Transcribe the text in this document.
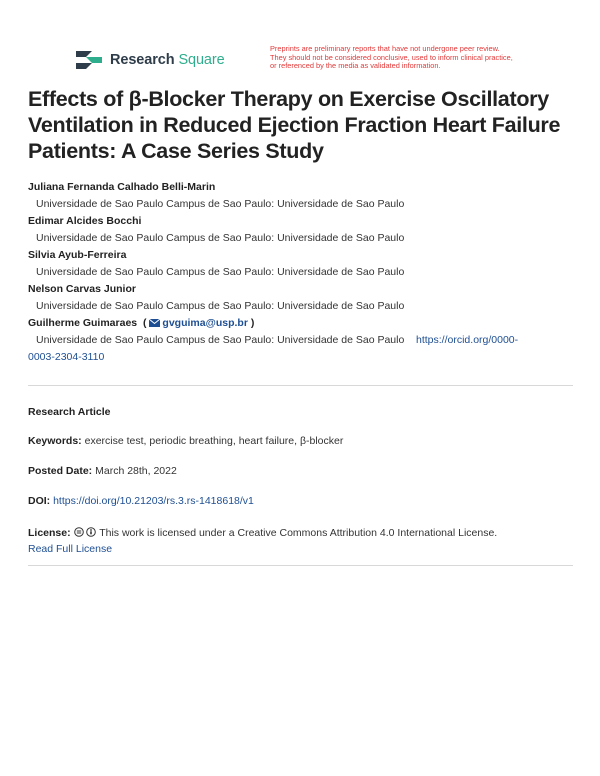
Research Square
Preprints are preliminary reports that have not undergone peer review.
They should not be considered conclusive, used to inform clinical practice,
or referenced by the media as validated information.
Effects of β-Blocker Therapy on Exercise Oscillatory Ventilation in Reduced Ejection Fraction Heart Failure Patients: A Case Series Study
Juliana Fernanda Calhado Belli-Marin
Universidade de Sao Paulo Campus de Sao Paulo: Universidade de Sao Paulo
Edimar Alcides Bocchi
Universidade de Sao Paulo Campus de Sao Paulo: Universidade de Sao Paulo
Silvia Ayub-Ferreira
Universidade de Sao Paulo Campus de Sao Paulo: Universidade de Sao Paulo
Nelson Carvas Junior
Universidade de Sao Paulo Campus de Sao Paulo: Universidade de Sao Paulo
Guilherme Guimaraes ( gvguima@usp.br )
Universidade de Sao Paulo Campus de Sao Paulo: Universidade de Sao Paulo https://orcid.org/0000-
0003-2304-3110
Research Article
Keywords: exercise test, periodic breathing, heart failure, β-blocker
Posted Date: March 28th, 2022
DOI: https://doi.org/10.21203/rs.3.rs-1418618/v1
License:	This work is licensed under a Creative Commons Attribution 4.0 International License.
Read Full License
